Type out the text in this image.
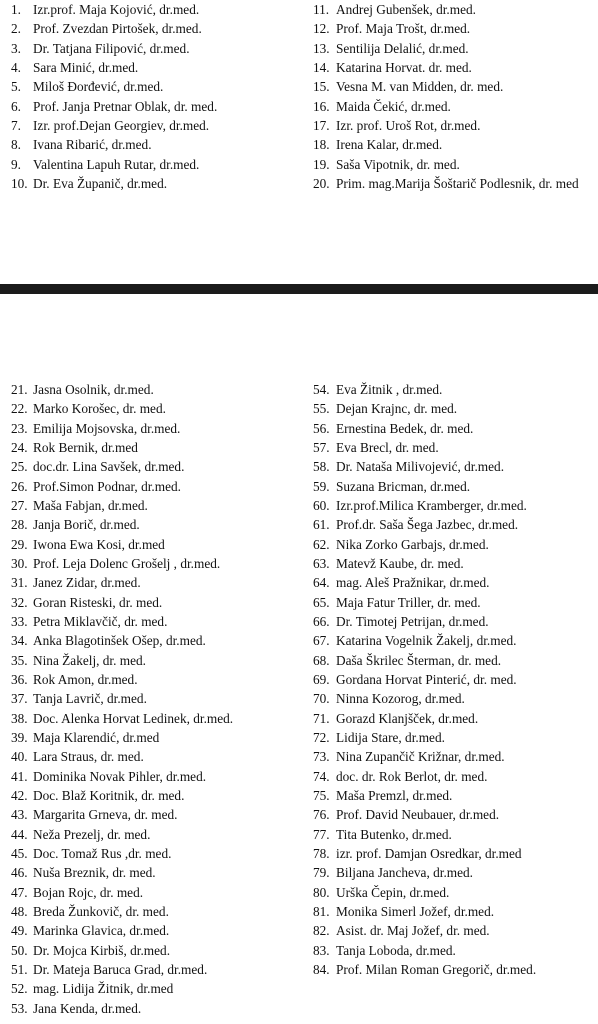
1. Izr.prof. Maja Kojović, dr.med.
2. Prof. Zvezdan Pirtošek, dr.med.
3. Dr. Tatjana Filipović, dr.med.
4. Sara Minić, dr.med.
5. Miloš Đorđević, dr.med.
6. Prof. Janja Pretnar Oblak, dr. med.
7. Izr. prof.Dejan Georgiev, dr.med.
8. Ivana Ribarić, dr.med.
9. Valentina Lapuh Rutar, dr.med.
10. Dr. Eva Županič, dr.med.
11. Andrej Gubenšek, dr.med.
12. Prof. Maja Trošt, dr.med.
13. Sentilija Delalić, dr.med.
14. Katarina Horvat. dr. med.
15. Vesna M. van Midden, dr. med.
16. Maida Čekić, dr.med.
17. Izr. prof. Uroš Rot, dr.med.
18. Irena Kalar, dr.med.
19. Saša Vipotnik, dr. med.
20. Prim. mag.Marija Šoštarič Podlesnik, dr. med
21. Jasna Osolnik, dr.med.
22. Marko Korošec, dr. med.
23. Emilija Mojsovska, dr.med.
24. Rok Bernik, dr.med
25. doc.dr. Lina Savšek, dr.med.
26. Prof.Simon Podnar, dr.med.
27. Maša Fabjan, dr.med.
28. Janja Borič, dr.med.
29. Iwona Ewa Kosi, dr.med
30. Prof. Leja Dolenc Grošelj , dr.med.
31. Janez Zidar, dr.med.
32. Goran Risteski, dr. med.
33. Petra Miklavčič, dr. med.
34. Anka Blagotinšek Ošep, dr.med.
35. Nina Žakelj, dr. med.
36. Rok Amon, dr.med.
37. Tanja Lavrič, dr.med.
38. Doc. Alenka Horvat Ledinek, dr.med.
39. Maja Klarendić, dr.med
40. Lara Straus, dr. med.
41. Dominika Novak Pihler, dr.med.
42. Doc. Blaž Koritnik, dr. med.
43. Margarita Grneva, dr. med.
44. Neža Prezelj, dr. med.
45. Doc. Tomaž Rus ,dr. med.
46. Nuša Breznik, dr. med.
47. Bojan Rojc, dr. med.
48. Breda Žunkovič, dr. med.
49. Marinka Glavica, dr.med.
50. Dr. Mojca Kirbiš, dr.med.
51. Dr. Mateja Baruca Grad, dr.med.
52. mag. Lidija Žitnik, dr.med
53. Jana Kenda, dr.med.
54. Eva Žitnik , dr.med.
55. Dejan Krajnc, dr. med.
56. Ernestina Bedek, dr. med.
57. Eva Brecl, dr. med.
58. Dr. Nataša Milivojević, dr.med.
59. Suzana Bricman, dr.med.
60. Izr.prof.Milica Kramberger, dr.med.
61. Prof.dr. Saša Šega Jazbec, dr.med.
62. Nika Zorko Garbajs, dr.med.
63. Matevž Kaube, dr. med.
64. mag. Aleš Pražnikar, dr.med.
65. Maja Fatur Triller, dr. med.
66. Dr. Timotej Petrijan, dr.med.
67. Katarina Vogelnik Žakelj, dr.med.
68. Daša Škrilec Šterman, dr. med.
69. Gordana Horvat Pinterić, dr. med.
70. Ninna Kozorog, dr.med.
71. Gorazd Klanjšček, dr.med.
72. Lidija Stare, dr.med.
73. Nina Zupančič Križnar, dr.med.
74. doc. dr. Rok Berlot, dr. med.
75. Maša Premzl, dr.med.
76. Prof. David Neubauer, dr.med.
77. Tita Butenko, dr.med.
78. izr. prof. Damjan Osredkar, dr.med
79. Biljana Jancheva, dr.med.
80. Urška Čepin, dr.med.
81. Monika Simerl Jožef, dr.med.
82. Asist. dr. Maj Jožef, dr. med.
83. Tanja Loboda, dr.med.
84. Prof. Milan Roman Gregorič, dr.med.
